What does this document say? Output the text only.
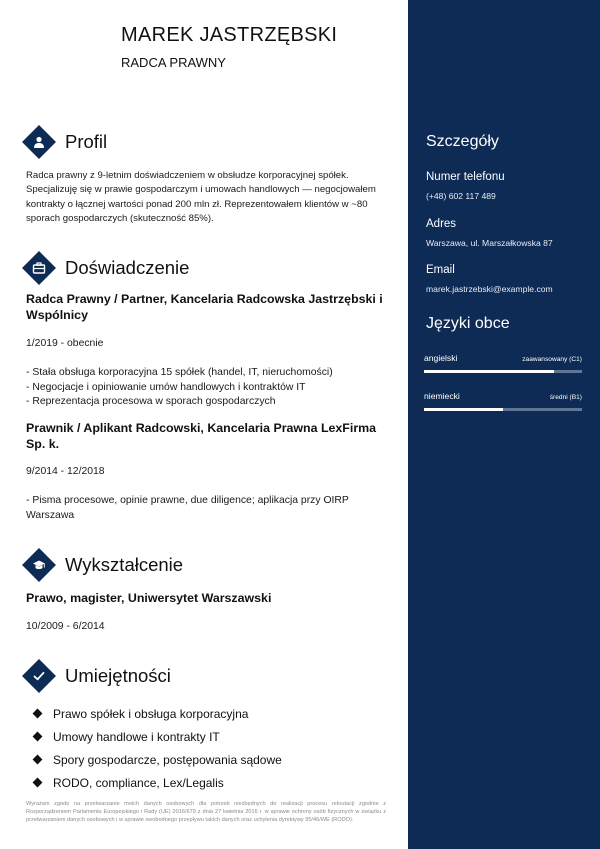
MAREK JASTRZĘBSKI
RADCA PRAWNY
Profil
Radca prawny z 9-letnim doświadczeniem w obsłudze korporacyjnej spółek. Specjalizuję się w prawie gospodarczym i umowach handlowych — negocjowałem kontrakty o łącznej wartości ponad 200 mln zł. Reprezentowałem klientów w ~80 sporach gospodarczych (skuteczność 85%).
Doświadczenie
Radca Prawny / Partner, Kancelaria Radcowska Jastrzębski i Wspólnicy
1/2019 - obecnie
- Stała obsługa korporacyjna 15 spółek (handel, IT, nieruchomości)
- Negocjacje i opiniowanie umów handlowych i kontraktów IT
- Reprezentacja procesowa w sporach gospodarczych
Prawnik / Aplikant Radcowski, Kancelaria Prawna LexFirma Sp. k.
9/2014 - 12/2018
- Pisma procesowe, opinie prawne, due diligence; aplikacja przy OIRP Warszawa
Wykształcenie
Prawo, magister, Uniwersytet Warszawski
10/2009 - 6/2014
Umiejętności
Prawo spółek i obsługa korporacyjna
Umowy handlowe i kontrakty IT
Spory gospodarcze, postępowania sądowe
RODO, compliance, Lex/Legalis
Wyrażam zgodę na przetwarzanie moich danych osobowych dla potrzeb niezbędnych do realizacji procesu rekrutacji zgodnie z Rozporządzeniem Parlamentu Europejskiego i Rady (UE) 2016/679 z dnia 27 kwietnia 2016 r. w sprawie ochrony osób fizycznych w związku z przetwarzaniem danych osobowych i w sprawie swobodnego przepływu takich danych oraz uchylenia dyrektywy 95/46/WE (RODO).
Szczegóły
Numer telefonu
(+48) 602 117 489
Adres
Warszawa, ul. Marszałkowska 87
Email
marek.jastrzebski@example.com
Języki obce
angielski	zaawansowany (C1)
niemiecki	średni (B1)
